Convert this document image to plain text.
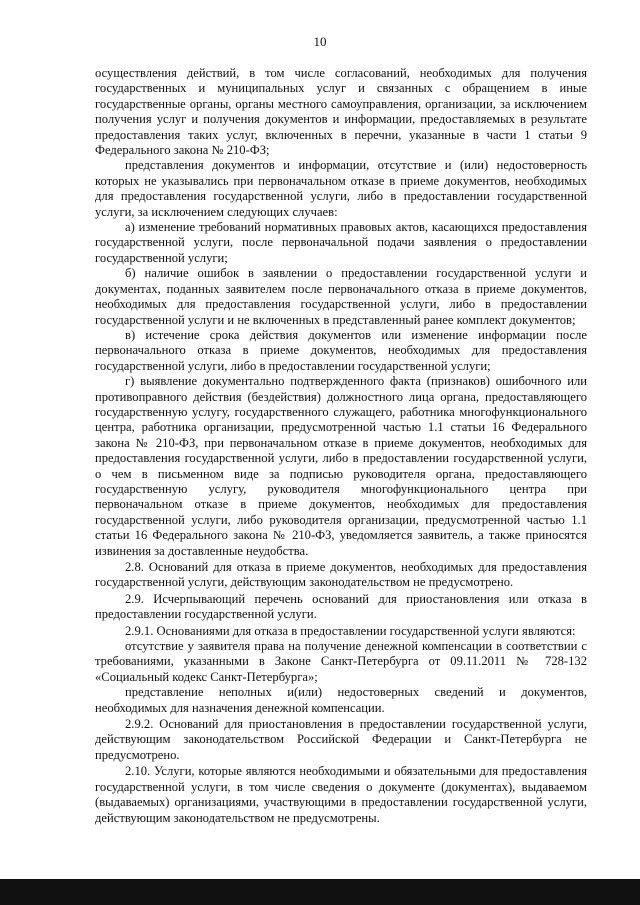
10

осуществления действий, в том числе согласований, необходимых для получения государственных и муниципальных услуг и связанных с обращением в иные государственные органы, органы местного самоуправления, организации, за исключением получения услуг и получения документов и информации, предоставляемых в результате предоставления таких услуг, включенных в перечни, указанные в части 1 статьи 9 Федерального закона № 210-ФЗ;

представления документов и информации, отсутствие и (или) недостоверность которых не указывались при первоначальном отказе в приеме документов, необходимых для предоставления государственной услуги, либо в предоставлении государственной услуги, за исключением следующих случаев:

а) изменение требований нормативных правовых актов, касающихся предоставления государственной услуги, после первоначальной подачи заявления о предоставлении государственной услуги;

б) наличие ошибок в заявлении о предоставлении государственной услуги и документах, поданных заявителем после первоначального отказа в приеме документов, необходимых для предоставления государственной услуги, либо в предоставлении государственной услуги и не включенных в представленный ранее комплект документов;

в) истечение срока действия документов или изменение информации после первоначального отказа в приеме документов, необходимых для предоставления государственной услуги, либо в предоставлении государственной услуги;

г) выявление документально подтвержденного факта (признаков) ошибочного или противоправного действия (бездействия) должностного лица органа, предоставляющего государственную услугу, государственного служащего, работника многофункционального центра, работника организации, предусмотренной частью 1.1 статьи 16 Федерального закона № 210-ФЗ, при первоначальном отказе в приеме документов, необходимых для предоставления государственной услуги, либо в предоставлении государственной услуги, о чем в письменном виде за подписью руководителя органа, предоставляющего государственную услугу, руководителя многофункционального центра при первоначальном отказе в приеме документов, необходимых для предоставления государственной услуги, либо руководителя организации, предусмотренной частью 1.1 статьи 16 Федерального закона № 210-ФЗ, уведомляется заявитель, а также приносятся извинения за доставленные неудобства.

2.8. Оснований для отказа в приеме документов, необходимых для предоставления государственной услуги, действующим законодательством не предусмотрено.

2.9. Исчерпывающий перечень оснований для приостановления или отказа в предоставлении государственной услуги.

2.9.1. Основаниями для отказа в предоставлении государственной услуги являются:

отсутствие у заявителя права на получение денежной компенсации в соответствии с требованиями, указанными в Законе Санкт-Петербурга от 09.11.2011 № 728-132 «Социальный кодекс Санкт-Петербурга»;

представление неполных и(или) недостоверных сведений и документов, необходимых для назначения денежной компенсации.

2.9.2. Оснований для приостановления в предоставлении государственной услуги, действующим законодательством Российской Федерации и Санкт-Петербурга не предусмотрено.

2.10. Услуги, которые являются необходимыми и обязательными для предоставления государственной услуги, в том числе сведения о документе (документах), выдаваемом (выдаваемых) организациями, участвующими в предоставлении государственной услуги, действующим законодательством не предусмотрены.
